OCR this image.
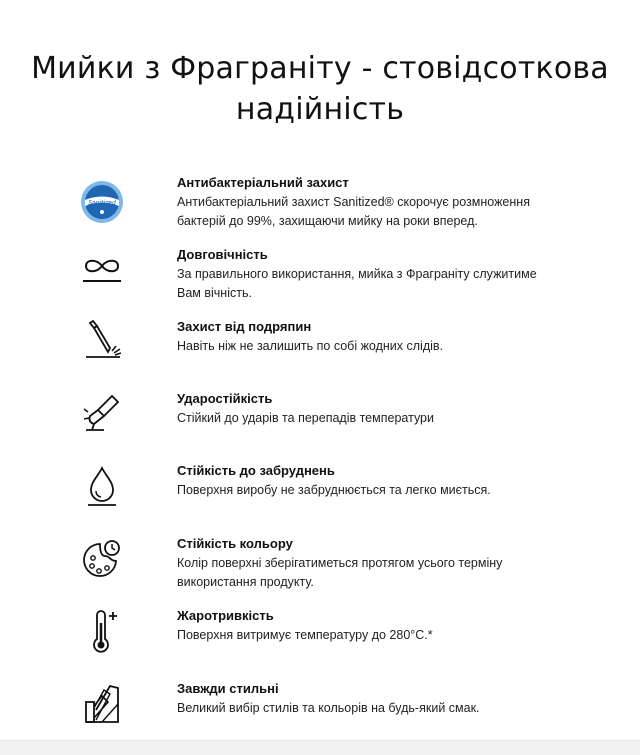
Мийки з Фраграніту - стовідсоткова надійність
Sanitized

Антибактеріальний захист

Антибактеріальний захист Sanitized® скорочує розмноження бактерій до 99%, захищаючи мийку на роки вперед.

Довговічність

За правильного використання, мийка з Фраграніту служитиме Вам вічність.

Захист від подряпин

Навіть ніж не залишить по собі жодних слідів.

Ударостійкість

Стійкий до ударів та перепадів температури

Стійкість до забруднень

Поверхня виробу не забруднюється та легко миється.

Стійкість кольору

Колір поверхні зберігатиметься протягом усього терміну використання продукту.

Жаротривкість

Поверхня витримує температуру до 280°C.*

Завжди стильні

Великий вибір стилів та кольорів на будь-який смак.
